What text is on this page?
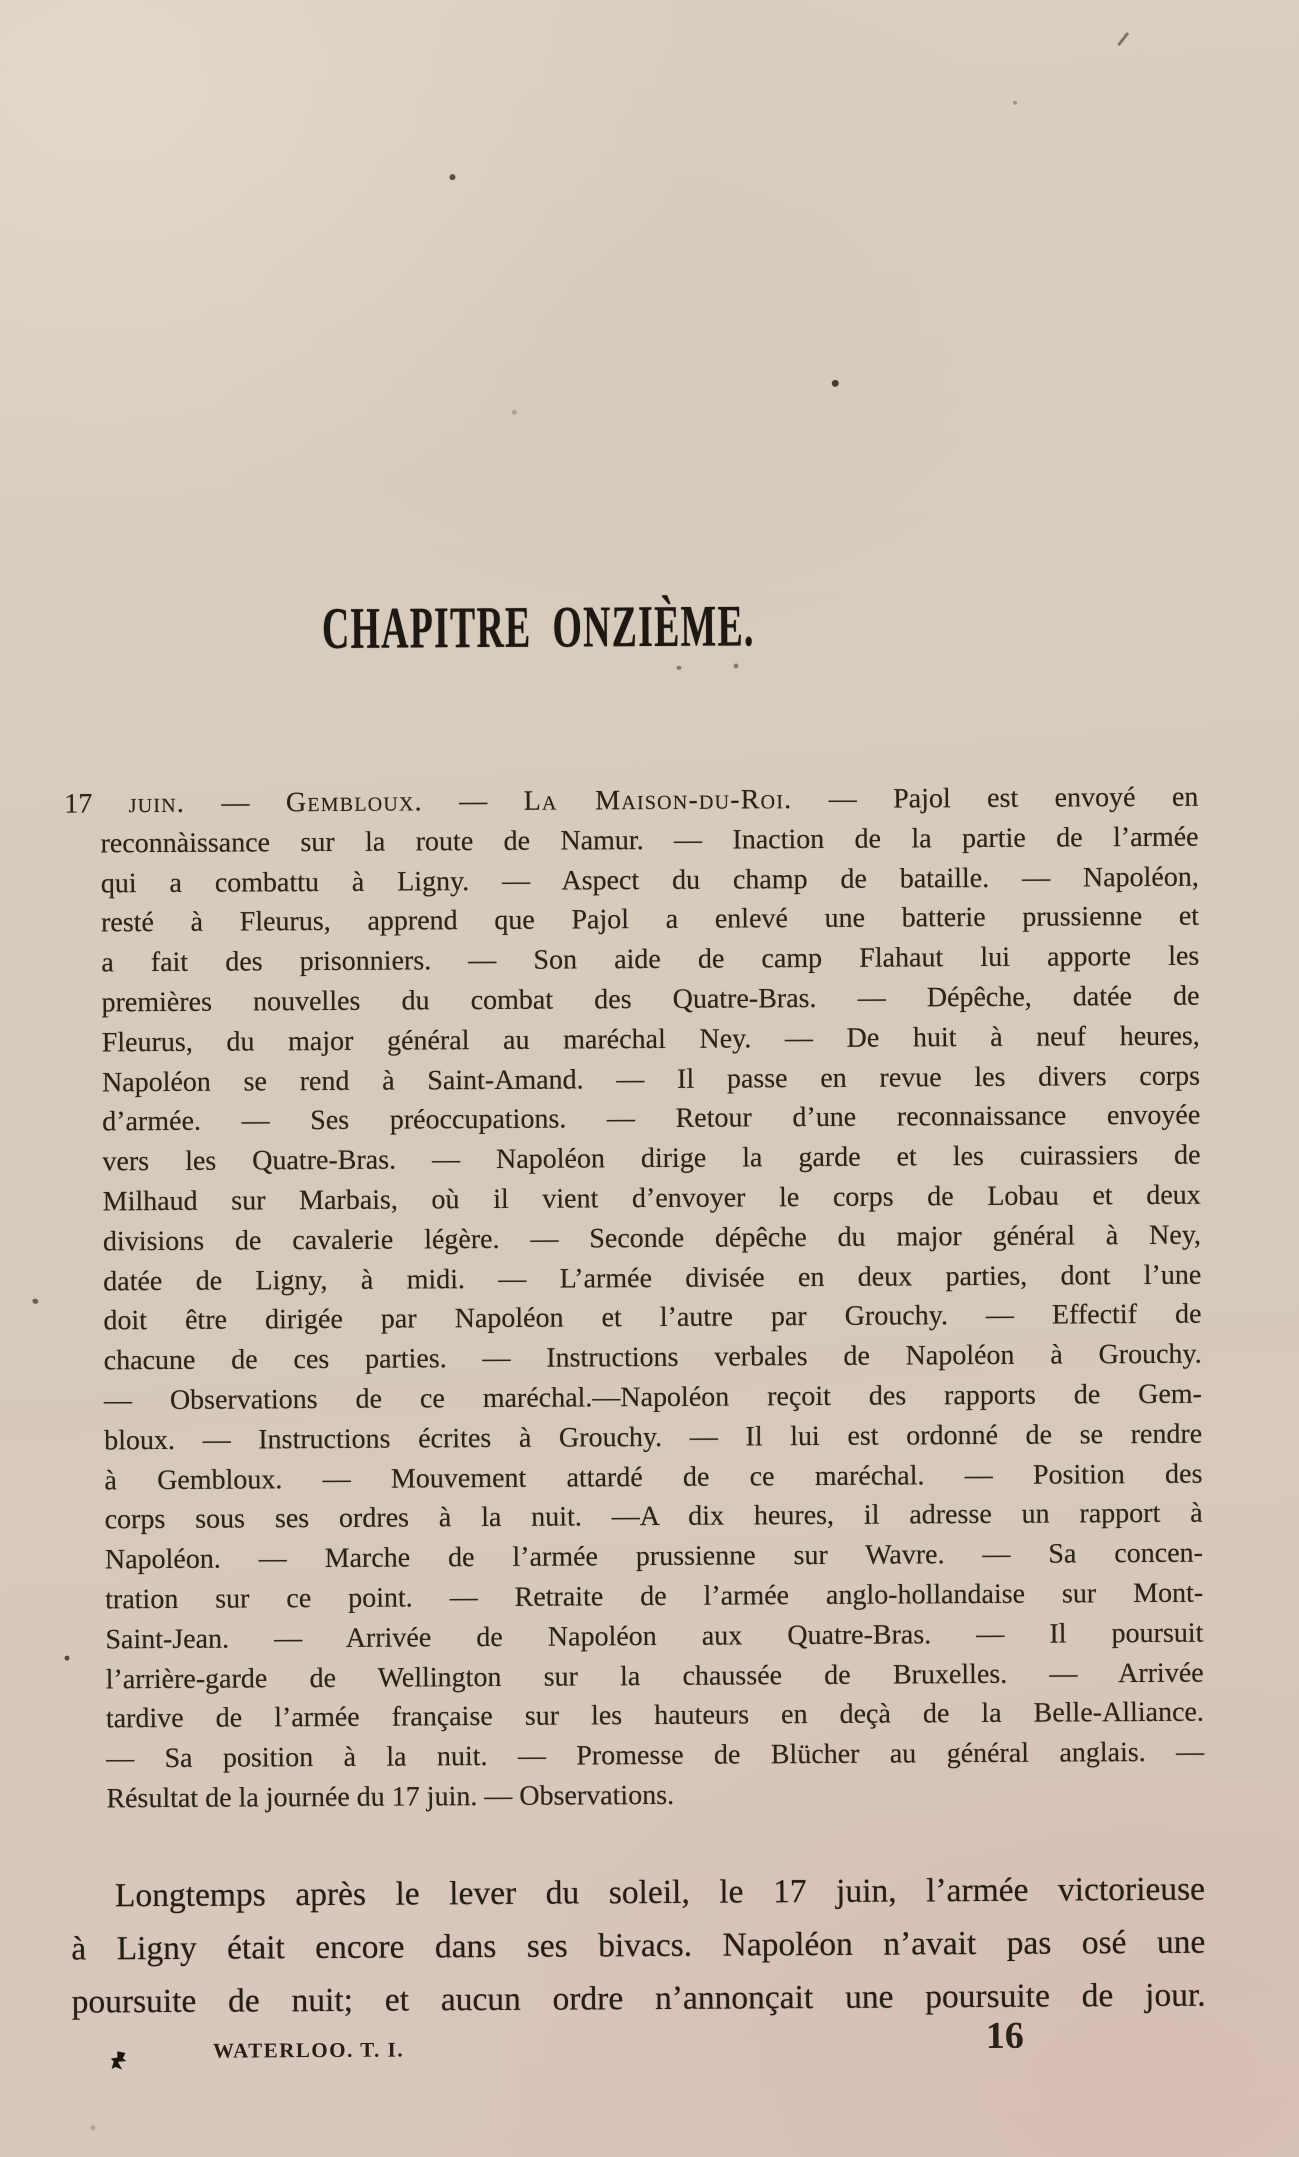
CHAPITRE ONZIÈME.
17 juin. — Gembloux. — La Maison-du-Roi. — Pajol est envoyé en
reconnàissance sur la route de Namur. — Inaction de la partie de l’armée
qui a combattu à Ligny. — Aspect du champ de bataille. — Napoléon,
resté à Fleurus, apprend que Pajol a enlevé une batterie prussienne et
a fait des prisonniers. — Son aide de camp Flahaut lui apporte les
premières nouvelles du combat des Quatre-Bras. — Dépêche, datée de
Fleurus, du major général au maréchal Ney. — De huit à neuf heures,
Napoléon se rend à Saint-Amand. — Il passe en revue les divers corps
d’armée. — Ses préoccupations. — Retour d’une reconnaissance envoyée
vers les Quatre-Bras. — Napoléon dirige la garde et les cuirassiers de
Milhaud sur Marbais, où il vient d’envoyer le corps de Lobau et deux
divisions de cavalerie légère. — Seconde dépêche du major général à Ney,
datée de Ligny, à midi. — L’armée divisée en deux parties, dont l’une
doit être dirigée par Napoléon et l’autre par Grouchy. — Effectif de
chacune de ces parties. — Instructions verbales de Napoléon à Grouchy.
— Observations de ce maréchal.—Napoléon reçoit des rapports de Gem-
bloux. — Instructions écrites à Grouchy. — Il lui est ordonné de se rendre
à Gembloux. — Mouvement attardé de ce maréchal. — Position des
corps sous ses ordres à la nuit. —A dix heures, il adresse un rapport à
Napoléon. — Marche de l’armée prussienne sur Wavre. — Sa concen-
tration sur ce point. — Retraite de l’armée anglo-hollandaise sur Mont-
Saint-Jean. — Arrivée de Napoléon aux Quatre-Bras. — Il poursuit
l’arrière-garde de Wellington sur la chaussée de Bruxelles. — Arrivée
tardive de l’armée française sur les hauteurs en deçà de la Belle-Alliance.
— Sa position à la nuit. — Promesse de Blücher au général anglais. —
Résultat de la journée du 17 juin. — Observations.
Longtemps après le lever du soleil, le 17 juin, l’armée victorieuse
à Ligny était encore dans ses bivacs. Napoléon n’avait pas osé une
poursuite de nuit; et aucun ordre n’annonçait une poursuite de jour.
WATERLOO. T. I.	16
